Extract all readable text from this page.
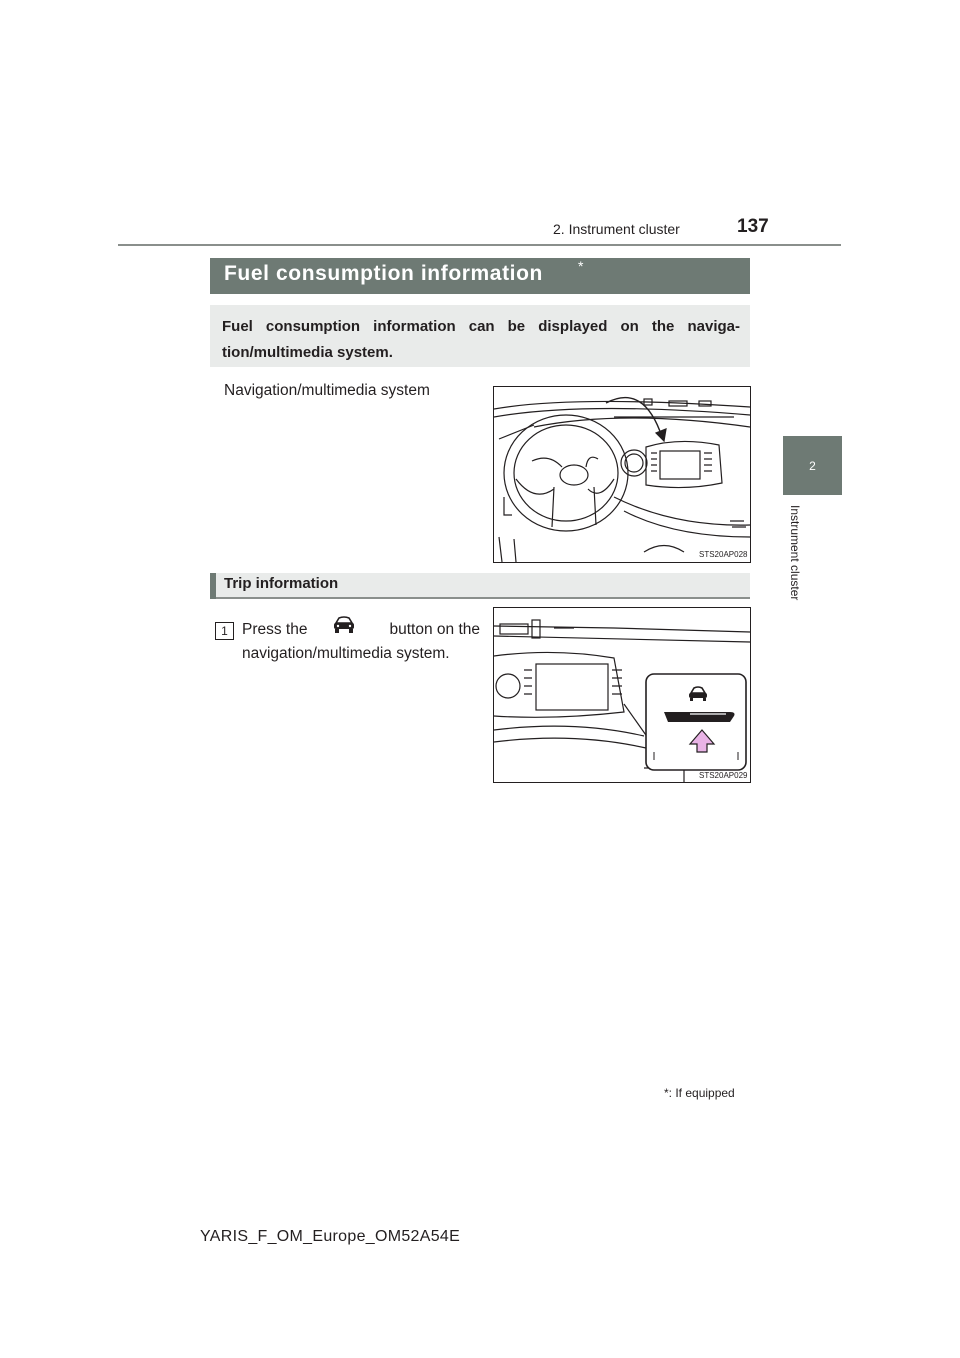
2. Instrument cluster	137
2
Instrument cluster
Fuel consumption information	*

Fuel consumption information can be displayed on the naviga-tion/multimedia system.

Navigation/multimedia system
STS20AP028
Trip information
1 Press the	button on the
navigation/multimedia system.
STS20AP029
*: If equipped
YARIS_F_OM_Europe_OM52A54E
